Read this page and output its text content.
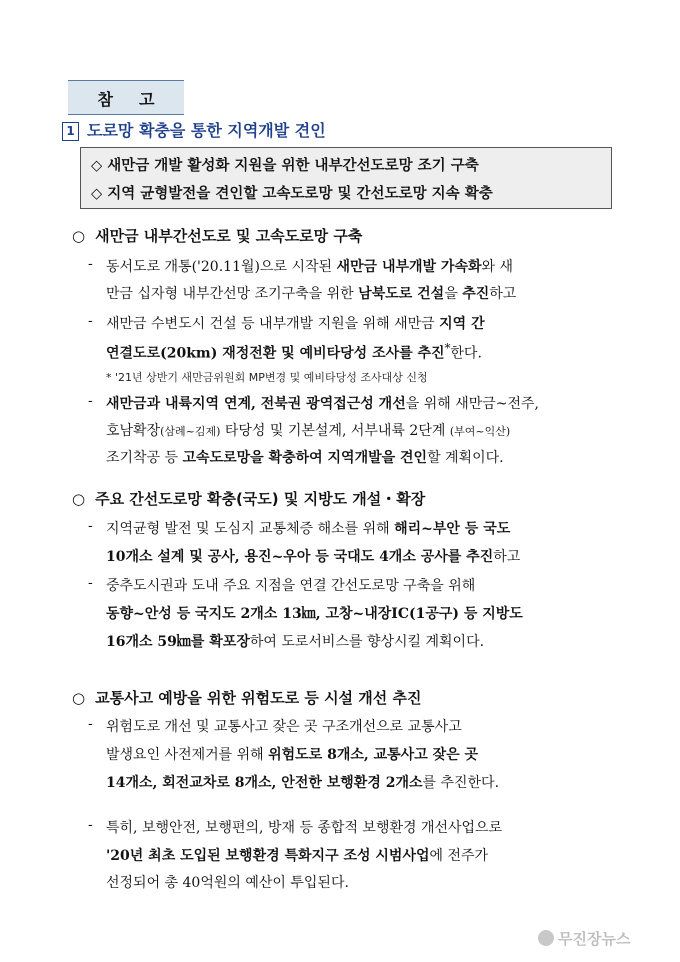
참고
1 도로망 확충을 통한 지역개발 견인
◇ 새만금 개발 활성화 지원을 위한 내부간선도로망 조기 구축
◇ 지역 균형발전을 견인할 고속도로망 및 간선도로망 지속 확충
○ 새만금 내부간선도로 및 고속도로망 구축
- 동서도로 개통('20.11월)으로 시작된 새만금 내부개발 가속화와 새
만금 십자형 내부간선망 조기구축을 위한 남북도로 건설을 추진하고
- 새만금 수변도시 건설 등 내부개발 지원을 위해 새만금 지역 간
연결도로(20km) 재정전환 및 예비타당성 조사를 추진*한다.
* '21년 상반기 새만금위원회 MP변경 및 예비타당성 조사대상 신청
- 새만금과 내륙지역 연계, 전북권 광역접근성 개선을 위해 새만금~전주,
호남확장(삼례~김제) 타당성 및 기본설계, 서부내륙 2단계 (부여~익산)
조기착공 등 고속도로망을 확충하여 지역개발을 견인할 계획이다.
○ 주요 간선도로망 확충(국도) 및 지방도 개설・확장
- 지역균형 발전 및 도심지 교통체증 해소를 위해 해리~부안 등 국도
10개소 설계 및 공사, 용진~우아 등 국대도 4개소 공사를 추진하고
- 중추도시권과 도내 주요 지점을 연결 간선도로망 구축을 위해
동향~안성 등 국지도 2개소 13㎞, 고창~내장IC(1공구) 등 지방도
16개소 59㎞를 확포장하여 도로서비스를 향상시킬 계획이다.
○ 교통사고 예방을 위한 위험도로 등 시설 개선 추진
- 위험도로 개선 및 교통사고 잦은 곳 구조개선으로 교통사고
발생요인 사전제거를 위해 위험도로 8개소, 교통사고 잦은 곳
14개소, 회전교차로 8개소, 안전한 보행환경 2개소를 추진한다.
- 특히, 보행안전, 보행편의, 방재 등 종합적 보행환경 개선사업으로
'20년 최초 도입된 보행환경 특화지구 조성 시범사업에 전주가
선정되어 총 40억원의 예산이 투입된다.
무진장뉴스
